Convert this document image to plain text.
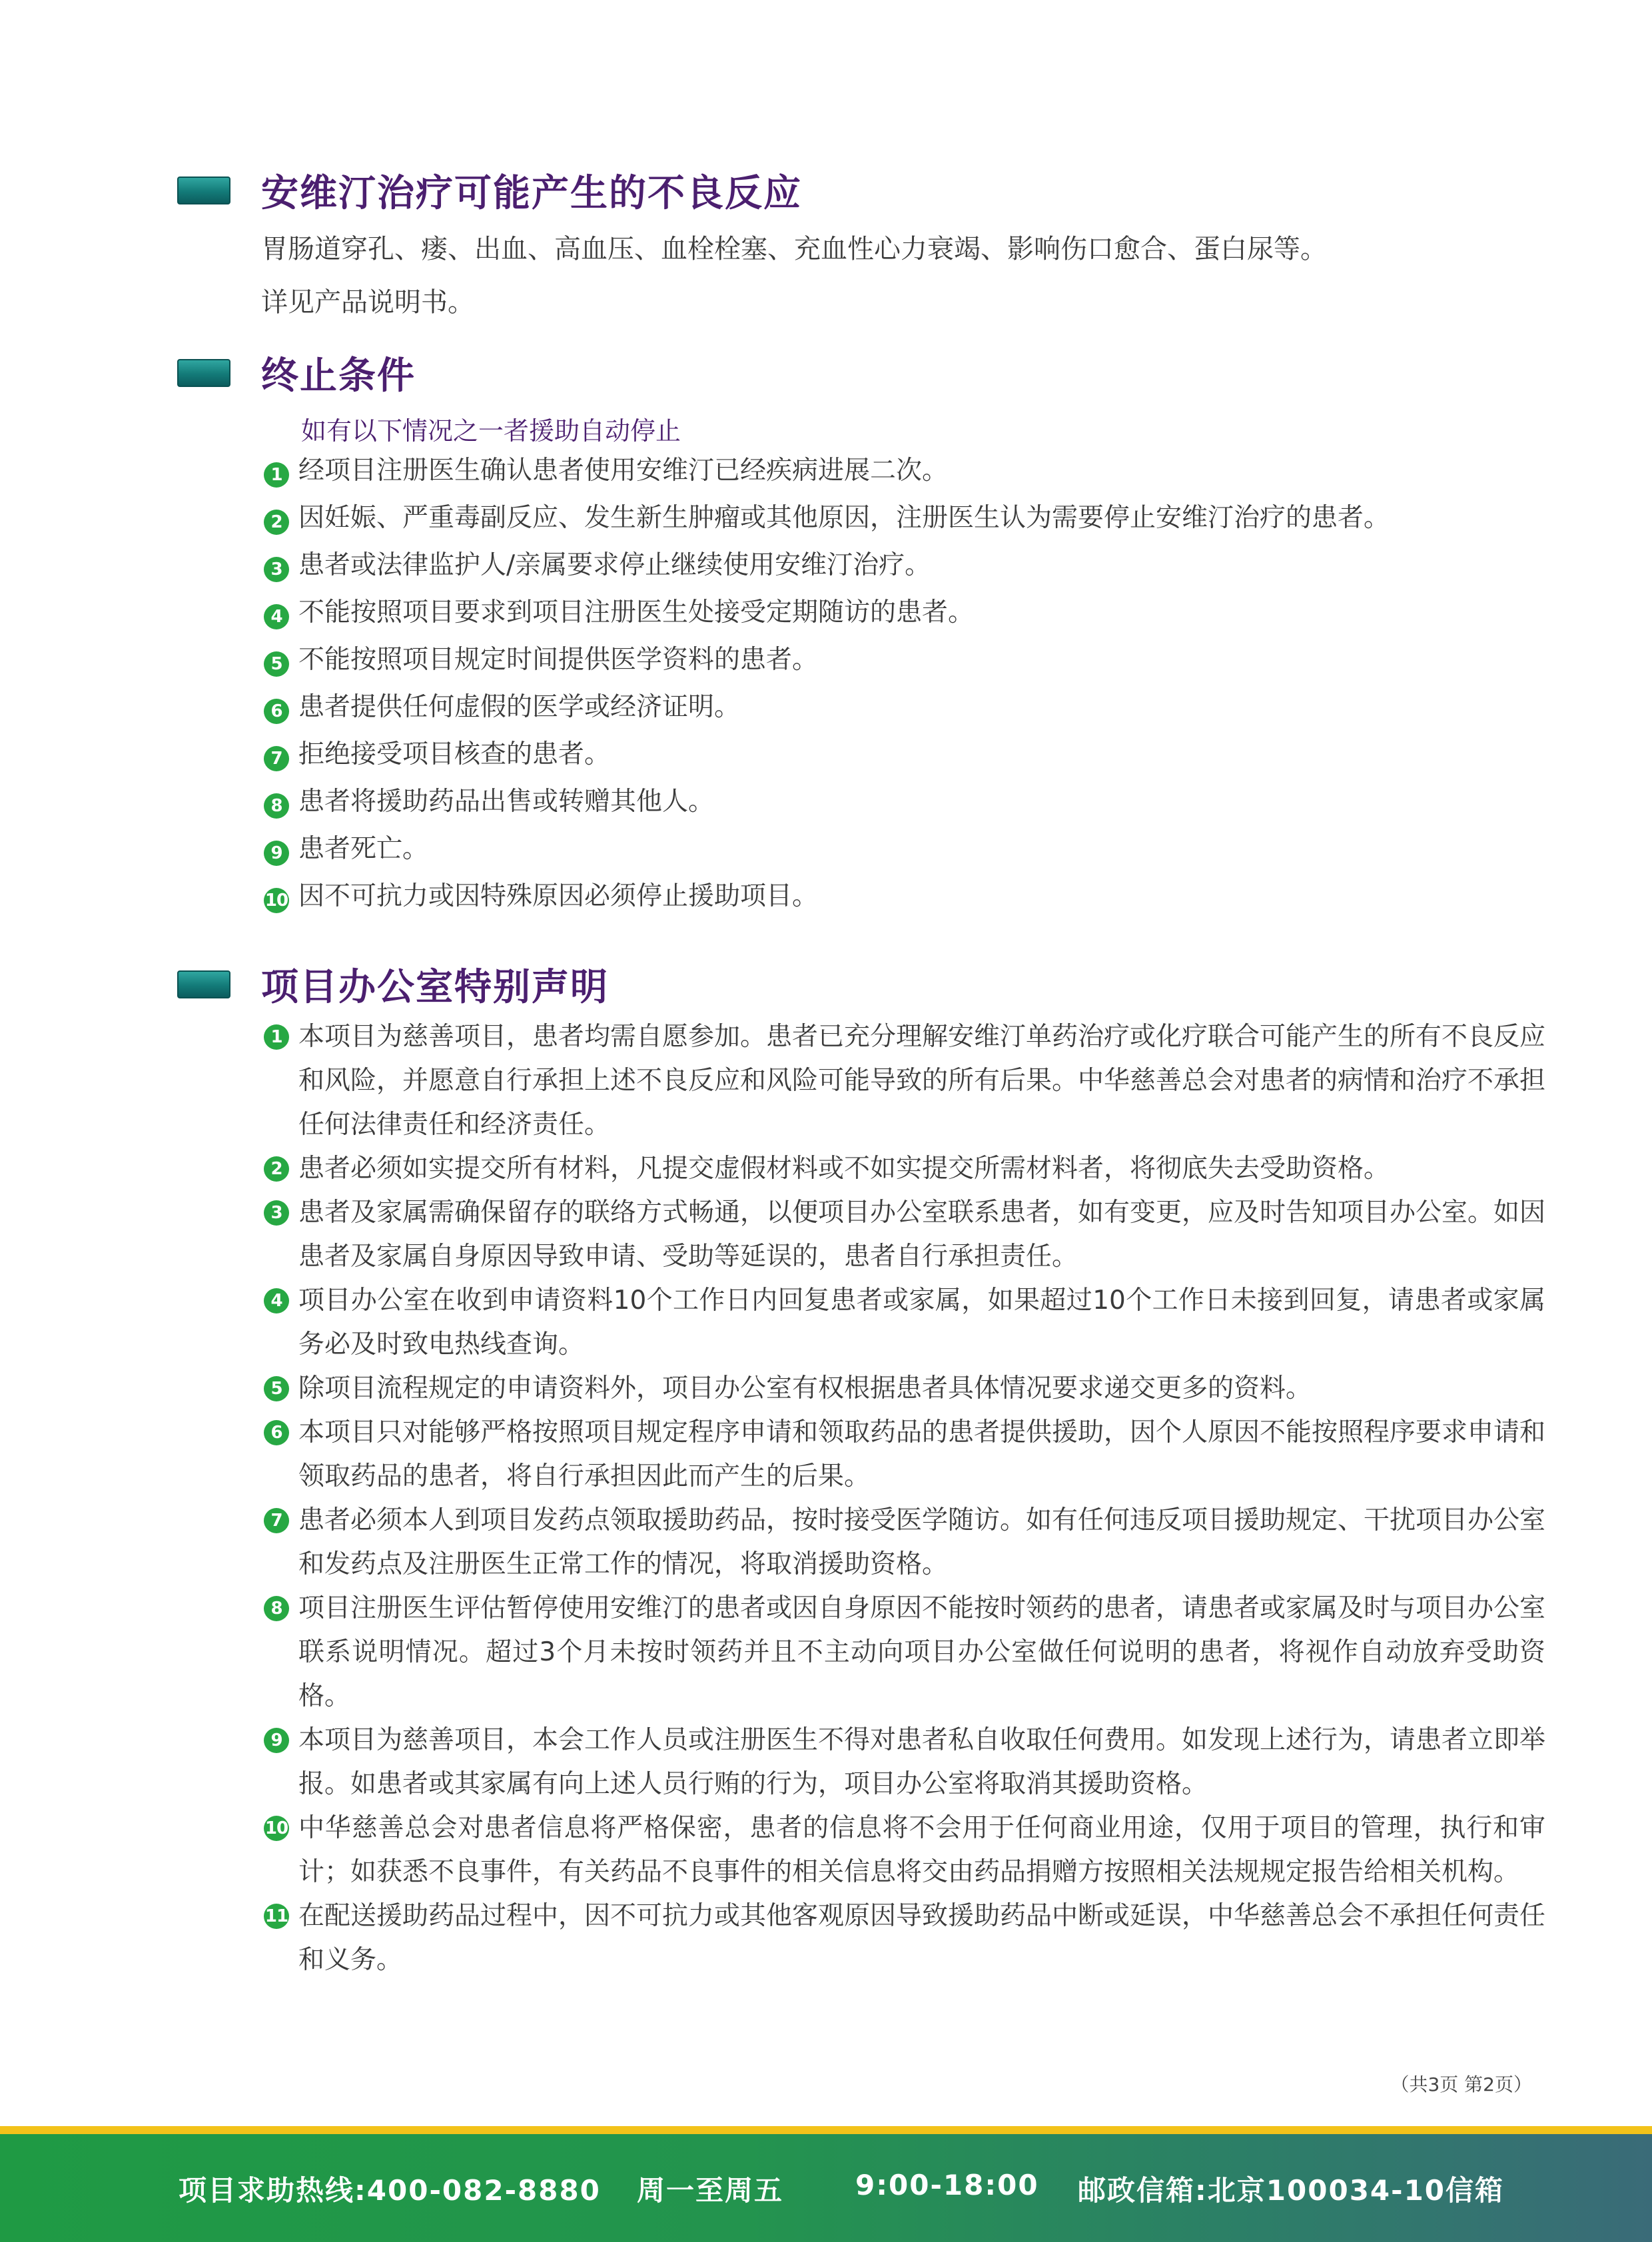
安维汀治疗可能产生的不良反应
胃肠道穿孔、瘘、出血、高血压、血栓栓塞、充血性心力衰竭、影响伤口愈合、蛋白尿等。
详见产品说明书。
终止条件
如有以下情况之一者援助自动停止
1 经项目注册医生确认患者使用安维汀已经疾病进展二次。
2 因妊娠、严重毒副反应、发生新生肿瘤或其他原因，注册医生认为需要停止安维汀治疗的患者。
3 患者或法律监护人/亲属要求停止继续使用安维汀治疗。
4 不能按照项目要求到项目注册医生处接受定期随访的患者。
5 不能按照项目规定时间提供医学资料的患者。
6 患者提供任何虚假的医学或经济证明。
7 拒绝接受项目核查的患者。
8 患者将援助药品出售或转赠其他人。
9 患者死亡。
10 因不可抗力或因特殊原因必须停止援助项目。
项目办公室特别声明
1 本项目为慈善项目，患者均需自愿参加。患者已充分理解安维汀单药治疗或化疗联合可能产生的所有不良反应和风险，并愿意自行承担上述不良反应和风险可能导致的所有后果。中华慈善总会对患者的病情和治疗不承担任何法律责任和经济责任。
2 患者必须如实提交所有材料，凡提交虚假材料或不如实提交所需材料者，将彻底失去受助资格。
3 患者及家属需确保留存的联络方式畅通，以便项目办公室联系患者，如有变更，应及时告知项目办公室。如因患者及家属自身原因导致申请、受助等延误的，患者自行承担责任。
4 项目办公室在收到申请资料10个工作日内回复患者或家属，如果超过10个工作日未接到回复，请患者或家属务必及时致电热线查询。
5 除项目流程规定的申请资料外，项目办公室有权根据患者具体情况要求递交更多的资料。
6 本项目只对能够严格按照项目规定程序申请和领取药品的患者提供援助，因个人原因不能按照程序要求申请和领取药品的患者，将自行承担因此而产生的后果。
7 患者必须本人到项目发药点领取援助药品，按时接受医学随访。如有任何违反项目援助规定、干扰项目办公室和发药点及注册医生正常工作的情况，将取消援助资格。
8 项目注册医生评估暂停使用安维汀的患者或因自身原因不能按时领药的患者，请患者或家属及时与项目办公室联系说明情况。超过3个月未按时领药并且不主动向项目办公室做任何说明的患者，将视作自动放弃受助资格。
9 本项目为慈善项目，本会工作人员或注册医生不得对患者私自收取任何费用。如发现上述行为，请患者立即举报。如患者或其家属有向上述人员行贿的行为，项目办公室将取消其援助资格。
10 中华慈善总会对患者信息将严格保密，患者的信息将不会用于任何商业用途，仅用于项目的管理，执行和审计；如获悉不良事件，有关药品不良事件的相关信息将交由药品捐赠方按照相关法规规定报告给相关机构。
11 在配送援助药品过程中，因不可抗力或其他客观原因导致援助药品中断或延误，中华慈善总会不承担任何责任和义务。
（共3页 第2页）
项目求助热线:400-082-8880 周一至周五	9:00-18:00 邮政信箱:北京100034-10信箱
